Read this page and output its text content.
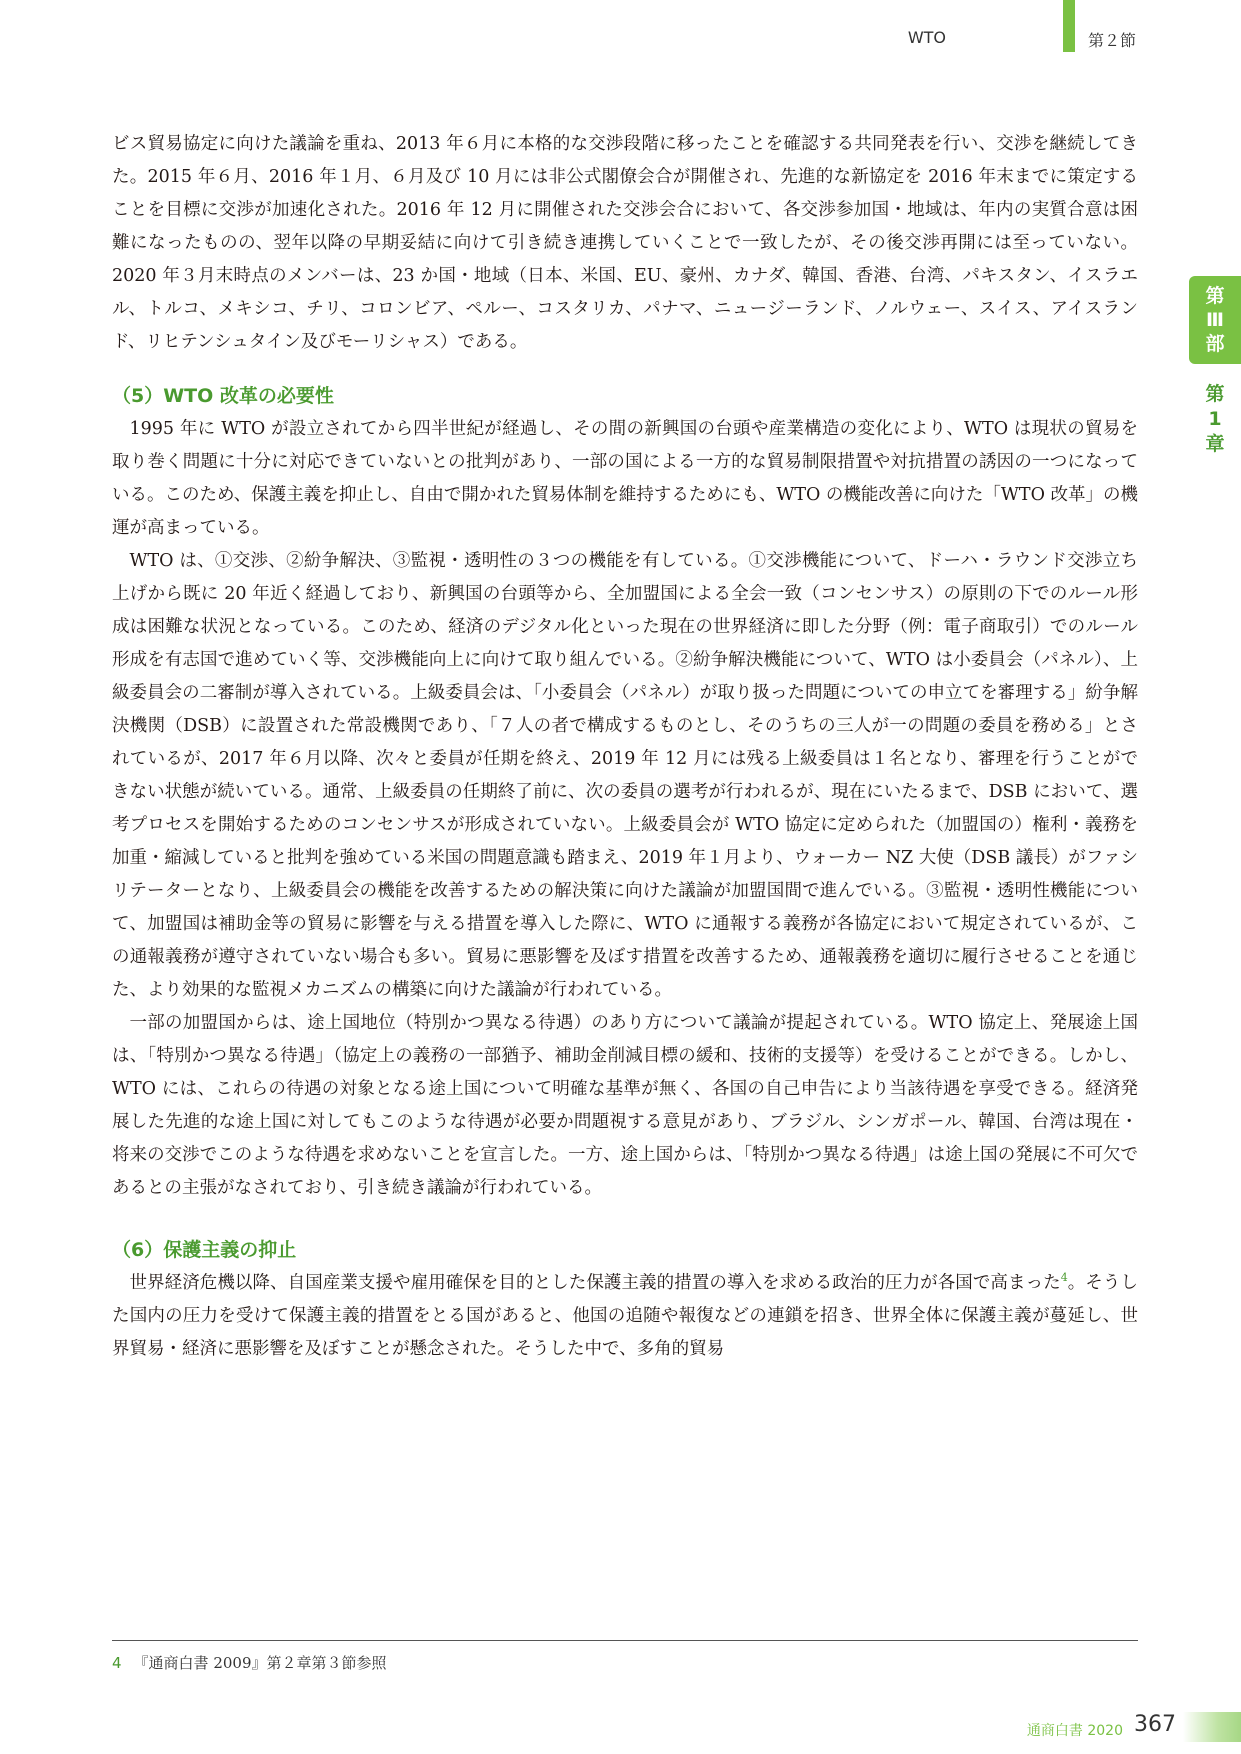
WTO	第２節
第
Ⅲ
部
第
1
章

ビス貿易協定に向けた議論を重ね、2013 年６月に本格的な交渉段階に移ったことを確認する共同発表を行い、交渉を継続してきた。2015 年６月、2016 年１月、６月及び 10 月には非公式閣僚会合が開催され、先進的な新協定を 2016 年末までに策定することを目標に交渉が加速化された。2016 年 12 月に開催された交渉会合において、各交渉参加国・地域は、年内の実質合意は困難になったものの、翌年以降の早期妥結に向けて引き続き連携していくことで一致したが、その後交渉再開には至っていない。2020 年３月末時点のメンバーは、23 か国・地域（日本、米国、EU、豪州、カナダ、韓国、香港、台湾、パキスタン、イスラエル、トルコ、メキシコ、チリ、コロンビア、ペルー、コスタリカ、パナマ、ニュージーランド、ノルウェー、スイス、アイスランド、リヒテンシュタイン及びモーリシャス）である。

（5）WTO 改革の必要性

1995 年に WTO が設立されてから四半世紀が経過し、その間の新興国の台頭や産業構造の変化により、WTO は現状の貿易を取り巻く問題に十分に対応できていないとの批判があり、一部の国による一方的な貿易制限措置や対抗措置の誘因の一つになっている。このため、保護主義を抑止し、自由で開かれた貿易体制を維持するためにも、WTO の機能改善に向けた「WTO 改革」の機運が高まっている。

WTO は、①交渉、②紛争解決、③監視・透明性の３つの機能を有している。①交渉機能について、ドーハ・ラウンド交渉立ち上げから既に 20 年近く経過しており、新興国の台頭等から、全加盟国による全会一致（コンセンサス）の原則の下でのルール形成は困難な状況となっている。このため、経済のデジタル化といった現在の世界経済に即した分野（例：電子商取引）でのルール形成を有志国で進めていく等、交渉機能向上に向けて取り組んでいる。②紛争解決機能について、WTO は小委員会（パネル）、上級委員会の二審制が導入されている。上級委員会は、「小委員会（パネル）が取り扱った問題についての申立てを審理する」紛争解決機関（DSB）に設置された常設機関であり、「７人の者で構成するものとし、そのうちの三人が一の問題の委員を務める」とされているが、2017 年６月以降、次々と委員が任期を終え、2019 年 12 月には残る上級委員は１名となり、審理を行うことができない状態が続いている。通常、上級委員の任期終了前に、次の委員の選考が行われるが、現在にいたるまで、DSB において、選考プロセスを開始するためのコンセンサスが形成されていない。上級委員会が WTO 協定に定められた（加盟国の）権利・義務を加重・縮減していると批判を強めている米国の問題意識も踏まえ、2019 年１月より、ウォーカー NZ 大使（DSB 議長）がファシリテーターとなり、上級委員会の機能を改善するための解決策に向けた議論が加盟国間で進んでいる。③監視・透明性機能について、加盟国は補助金等の貿易に影響を与える措置を導入した際に、WTO に通報する義務が各協定において規定されているが、この通報義務が遵守されていない場合も多い。貿易に悪影響を及ぼす措置を改善するため、通報義務を適切に履行させることを通じた、より効果的な監視メカニズムの構築に向けた議論が行われている。

一部の加盟国からは、途上国地位（特別かつ異なる待遇）のあり方について議論が提起されている。WTO 協定上、発展途上国は、「特別かつ異なる待遇」（協定上の義務の一部猶予、補助金削減目標の緩和、技術的支援等）を受けることができる。しかし、WTO には、これらの待遇の対象となる途上国について明確な基準が無く、各国の自己申告により当該待遇を享受できる。経済発展した先進的な途上国に対してもこのような待遇が必要か問題視する意見があり、ブラジル、シンガポール、韓国、台湾は現在・将来の交渉でこのような待遇を求めないことを宣言した。一方、途上国からは、「特別かつ異なる待遇」は途上国の発展に不可欠であるとの主張がなされており、引き続き議論が行われている。

（6）保護主義の抑止

世界経済危機以降、自国産業支援や雇用確保を目的とした保護主義的措置の導入を求める政治的圧力が各国で高まった$^4$。そうした国内の圧力を受けて保護主義的措置をとる国があると、他国の追随や報復などの連鎖を招き、世界全体に保護主義が蔓延し、世界貿易・経済に悪影響を及ぼすことが懸念された。そうした中で、多角的貿易

4 『通商白書 2009』第２章第３節参照
通商白書 2020 367
